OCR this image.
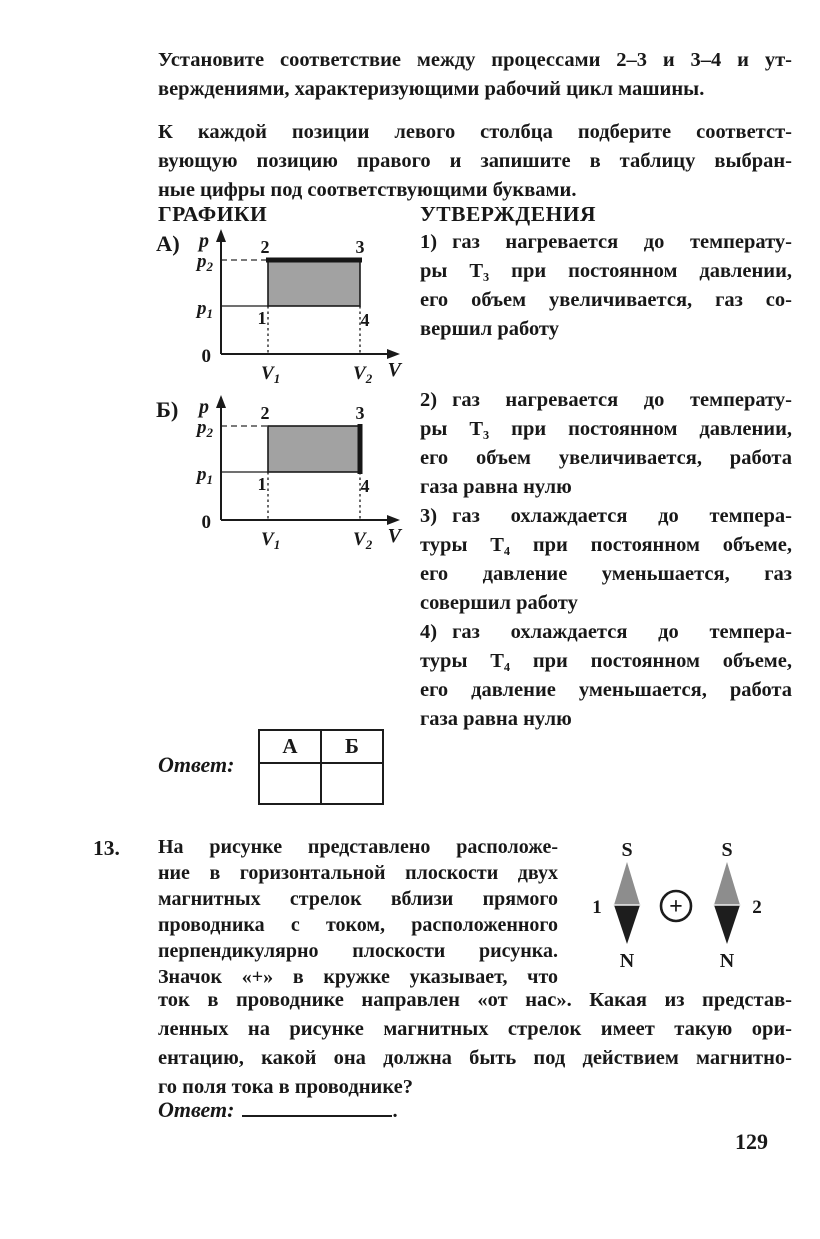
Установите соответствие между процессами 2–3 и 3–4 и ут-
верждениями, характеризующими рабочий цикл машины.
К каждой позиции левого столбца подберите соответст-
вующую позицию правого и запишите в таблицу выбран-
ные цифры под соответствующими буквами.
ГРАФИКИ	УТВЕРЖДЕНИЯ
А) p
$p_2$
$p_1$
0
$V_1$	$V_2$ V
2	3
1	4
Б) p
$p_2$
$p_1$
0
$V_1$	$V_2$ V
2	3
1	4
1) газ нагревается до температу-
ры T₃ при постоянном давлении,
его объем увеличивается, газ со-
вершил работу
2) газ нагревается до температу-
ры T₃ при постоянном давлении,
его объем увеличивается, работа
газа равна нулю
3) газ охлаждается до темпера-
туры T₄ при постоянном объеме,
его давление уменьшается, газ
совершил работу
4) газ охлаждается до темпера-
туры T₄ при постоянном объеме,
его давление уменьшается, работа
газа равна нулю
Ответ:
А	Б

13. На рисунке представлено расположе-
ние в горизонтальной плоскости двух
магнитных стрелок вблизи прямого
проводника с током, расположенного
перпендикулярно плоскости рисунка.
Значок «+» в кружке указывает, что
S
N
1	+
S
N
2
ток в проводнике направлен «от нас». Какая из представ-
ленных на рисунке магнитных стрелок имеет такую ори-
ентацию, какой она должна быть под действием магнитно-
го поля тока в проводнике?
Ответ:	.
129
